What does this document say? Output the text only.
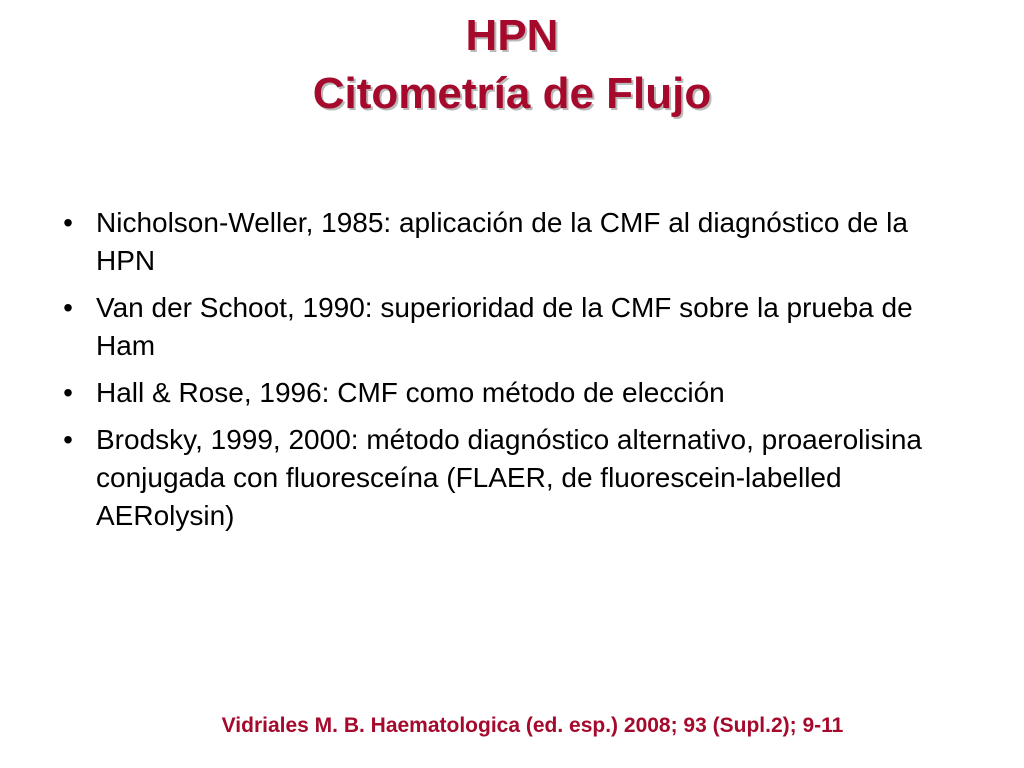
HPN
Citometría de Flujo
• Nicholson-Weller, 1985: aplicación de la CMF al diagnóstico de la HPN
• Van der Schoot, 1990: superioridad de la CMF sobre la prueba de Ham
• Hall & Rose, 1996: CMF como método de elección
• Brodsky, 1999, 2000: método diagnóstico alternativo, proaerolisina conjugada con fluoresceína (FLAER, de fluorescein-labelled AERolysin)
Vidriales M. B. Haematologica (ed. esp.) 2008; 93 (Supl.2); 9-11
